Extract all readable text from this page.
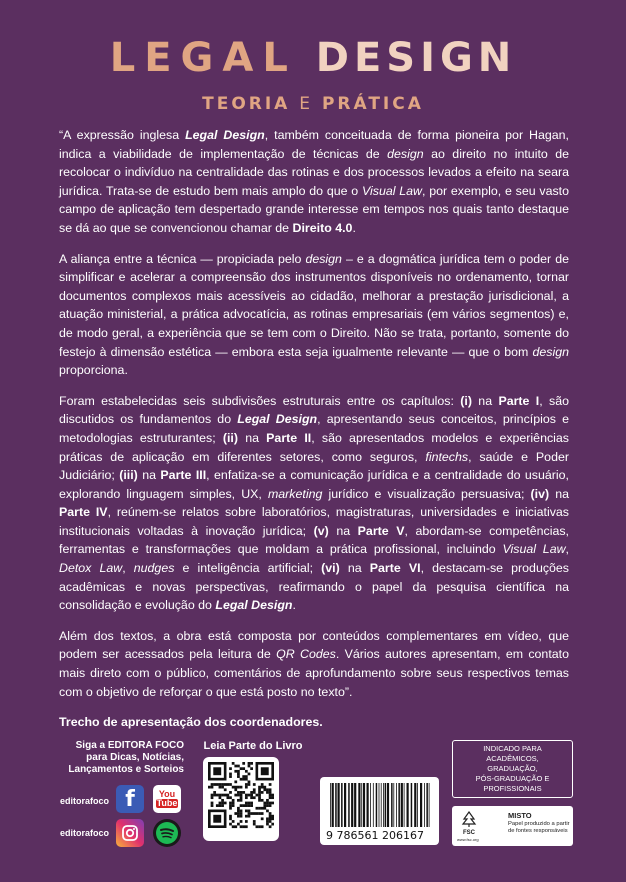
LEGAL DESIGN
TEORIA E PRÁTICA

“A expressão inglesa Legal Design, também conceituada de forma pioneira por Hagan, indica a viabilidade de implementação de técnicas de design ao direito no intuito de recolocar o indivíduo na centralidade das rotinas e dos processos levados a efeito na seara jurídica. Trata-se de estudo bem mais amplo do que o Visual Law, por exemplo, e seu vasto campo de aplicação tem despertado grande interesse em tempos nos quais tanto destaque se dá ao que se convencionou chamar de Direito 4.0.

A aliança entre a técnica — propiciada pelo design – e a dogmática jurídica tem o poder de simplificar e acelerar a compreensão dos instrumentos disponíveis no ordenamento, tornar documentos complexos mais acessíveis ao cidadão, melhorar a prestação jurisdicional, a atuação ministerial, a prática advocatícia, as rotinas empresariais (em vários segmentos) e, de modo geral, a experiência que se tem com o Direito. Não se trata, portanto, somente do festejo à dimensão estética — embora esta seja igualmente relevante — que o bom design proporciona.

Foram estabelecidas seis subdivisões estruturais entre os capítulos: (i) na Parte I, são discutidos os fundamentos do Legal Design, apresentando seus conceitos, princípios e metodologias estruturantes; (ii) na Parte II, são apresentados modelos e experiências práticas de aplicação em diferentes setores, como seguros, fintechs, saúde e Poder Judiciário; (iii) na Parte III, enfatiza-se a comunicação jurídica e a centralidade do usuário, explorando linguagem simples, UX, marketing jurídico e visualização persuasiva; (iv) na Parte IV, reúnem-se relatos sobre laboratórios, magistraturas, universidades e iniciativas institucionais voltadas à inovação jurídica; (v) na Parte V, abordam-se competências, ferramentas e transformações que moldam a prática profissional, incluindo Visual Law, Detox Law, nudges e inteligência artificial; (vi) na Parte VI, destacam-se produções acadêmicas e novas perspectivas, reafirmando o papel da pesquisa científica na consolidação e evolução do Legal Design.

Além dos textos, a obra está composta por conteúdos complementares em vídeo, que podem ser acessados pela leitura de QR Codes. Vários autores apresentam, em contato mais direto com o público, comentários de aprofundamento sobre seus respectivos temas com o objetivo de reforçar o que está posto no texto”.

Trecho de apresentação dos coordenadores.

Siga a EDITORA FOCO
para Dicas, Notícias,
Lançamentos e Sorteios
editorafoco f	You
Tube
editorafoco
Leia Parte do Livro
9 786561 206167
INDICADO PARA
ACADÊMICOS,
GRADUAÇÃO,
PÓS-GRADUAÇÃO E
PROFISSIONAIS
FSC
www.fsc.org
MISTO
Papel produzido a partir de fontes responsáveis
